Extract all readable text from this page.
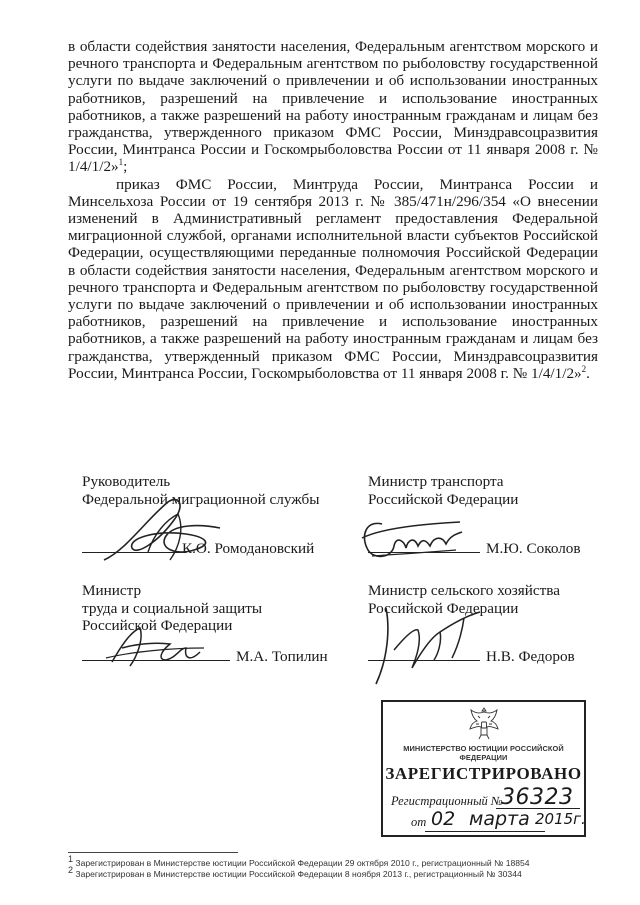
в области содействия занятости населения, Федеральным агентством морского и речного транспорта и Федеральным агентством по рыболовству государственной услуги по выдаче заключений о привлечении и об использовании иностранных работников, разрешений на привлечение и использование иностранных работников, а также разрешений на работу иностранным гражданам и лицам без гражданства, утвержденного приказом ФМС России, Минздравсоцразвития России, Минтранса России и Госкомрыболовства России от 11 января 2008 г. № 1/4/1/2»$^1$;

приказ ФМС России, Минтруда России, Минтранса России и Минсельхоза России от 19 сентября 2013 г. № 385/471н/296/354 «О внесении изменений в Административный регламент предоставления Федеральной миграционной службой, органами исполнительной власти субъектов Российской Федерации, осуществляющими переданные полномочия Российской Федерации в области содействия занятости населения, Федеральным агентством морского и речного транспорта и Федеральным агентством по рыболовству государственной услуги по выдаче заключений о привлечении и об использовании иностранных работников, разрешений на привлечение и использование иностранных работников, а также разрешений на работу иностранным гражданам и лицам без гражданства, утвержденный приказом ФМС России, Минздравсоцразвития России, Минтранса России, Госкомрыболовства от 11 января 2008 г. № 1/4/1/2»$^2$.

Руководитель
Федеральной миграционной службы
К.О. Ромодановский
Министр транспорта
Российской Федерации
М.Ю. Соколов
Министр
труда и социальной защиты
Российской Федерации
М.А. Топилин
Министр сельского хозяйства
Российской Федерации
Н.В. Федоров
МИНИСТЕРСТВО ЮСТИЦИИ РОССИЙСКОЙ ФЕДЕРАЦИИ
ЗАРЕГИСТРИРОВАНО
Регистрационный №
36323
от 02 марта 2015г.
$^1$ Зарегистрирован в Министерстве юстиции Российской Федерации 29 октября 2010 г., регистрационный № 18854
$^2$ Зарегистрирован в Министерстве юстиции Российской Федерации 8 ноября 2013 г., регистрационный № 30344
